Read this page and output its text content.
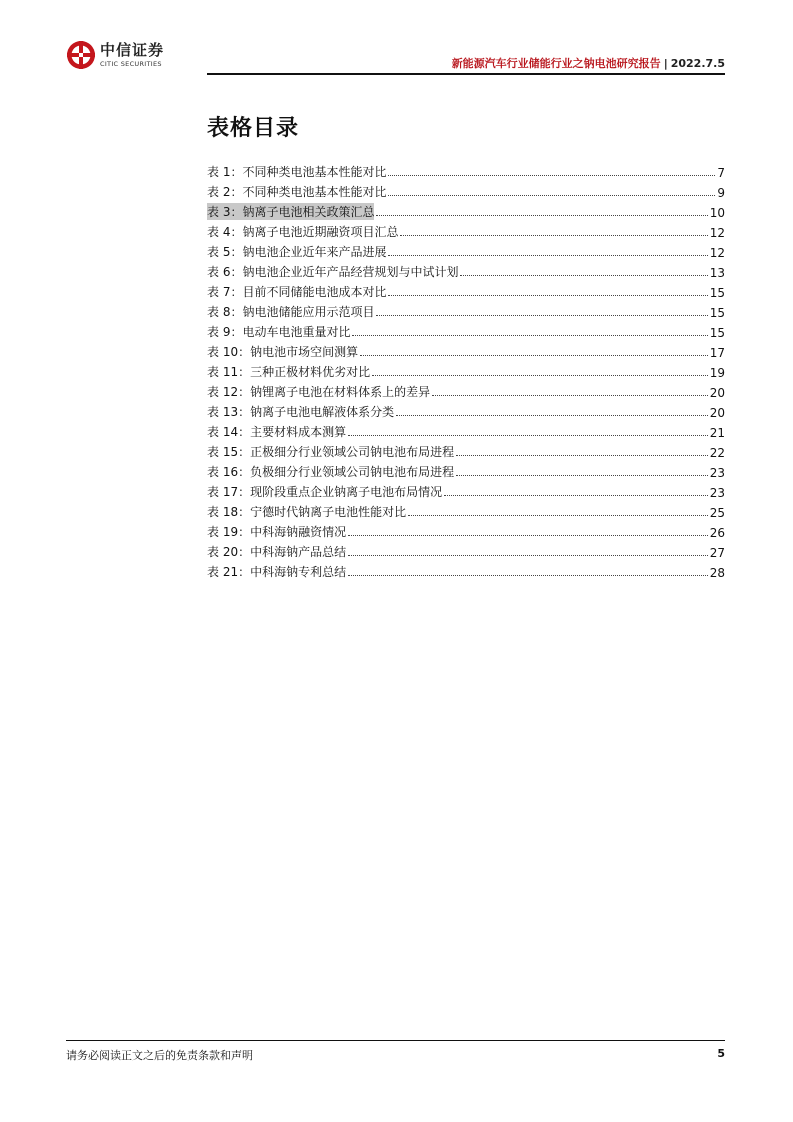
中信证券
CITIC SECURITIES	新能源汽车行业储能行业之钠电池研究报告 | 2022.7.5
表格目录
表 1：不同种类电池基本性能对比	7
表 2：不同种类电池基本性能对比	9
表 3：钠离子电池相关政策汇总	10
表 4：钠离子电池近期融资项目汇总	12
表 5：钠电池企业近年来产品进展	12
表 6：钠电池企业近年产品经营规划与中试计划	13
表 7：目前不同储能电池成本对比	15
表 8：钠电池储能应用示范项目	15
表 9：电动车电池重量对比	15
表 10：钠电池市场空间测算	17
表 11：三种正极材料优劣对比	19
表 12：钠锂离子电池在材料体系上的差异	20
表 13：钠离子电池电解液体系分类	20
表 14：主要材料成本测算	21
表 15：正极细分行业领域公司钠电池布局进程	22
表 16：负极细分行业领域公司钠电池布局进程	23
表 17：现阶段重点企业钠离子电池布局情况	23
表 18：宁德时代钠离子电池性能对比	25
表 19：中科海钠融资情况	26
表 20：中科海钠产品总结	27
表 21：中科海钠专利总结	28
请务必阅读正文之后的免责条款和声明	5
